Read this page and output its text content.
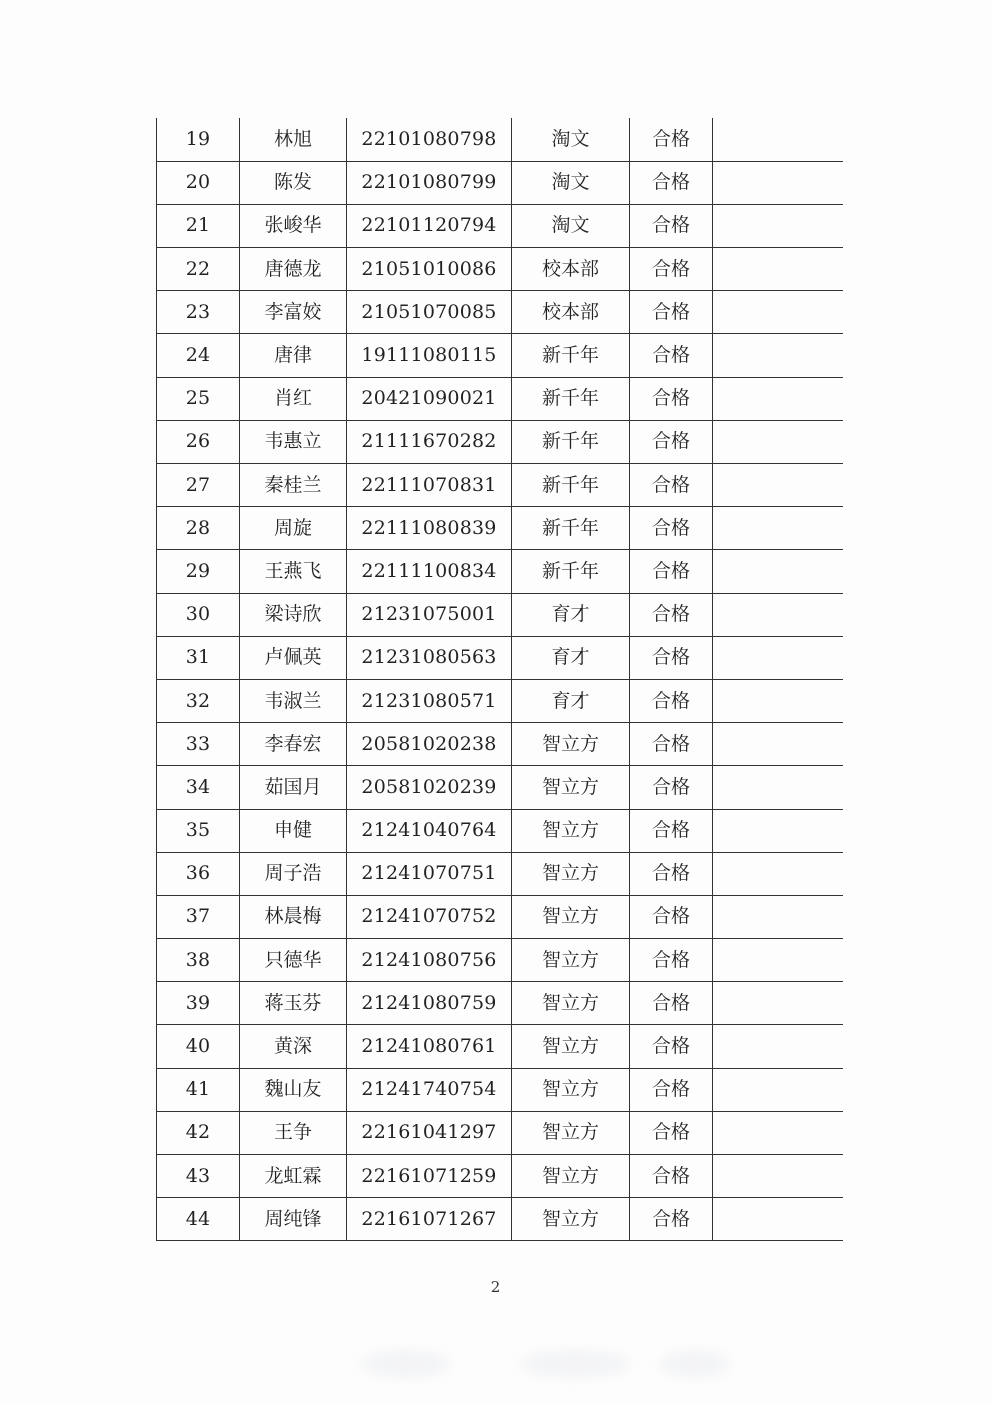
19	林旭	22101080798	淘文	合格	
20	陈发	22101080799	淘文	合格	
21	张峻华	22101120794	淘文	合格	
22	唐德龙	21051010086	校本部	合格	
23	李富姣	21051070085	校本部	合格	
24	唐律	19111080115	新千年	合格	
25	肖红	20421090021	新千年	合格	
26	韦惠立	21111670282	新千年	合格	
27	秦桂兰	22111070831	新千年	合格	
28	周旋	22111080839	新千年	合格	
29	王燕飞	22111100834	新千年	合格	
30	梁诗欣	21231075001	育才	合格	
31	卢佩英	21231080563	育才	合格	
32	韦淑兰	21231080571	育才	合格	
33	李春宏	20581020238	智立方	合格	
34	茹国月	20581020239	智立方	合格	
35	申健	21241040764	智立方	合格	
36	周子浩	21241070751	智立方	合格	
37	林晨梅	21241070752	智立方	合格	
38	只德华	21241080756	智立方	合格	
39	蒋玉芬	21241080759	智立方	合格	
40	黄深	21241080761	智立方	合格	
41	魏山友	21241740754	智立方	合格	
42	王争	22161041297	智立方	合格	
43	龙虹霖	22161071259	智立方	合格	
44	周纯锋	22161071267	智立方	合格	
2
